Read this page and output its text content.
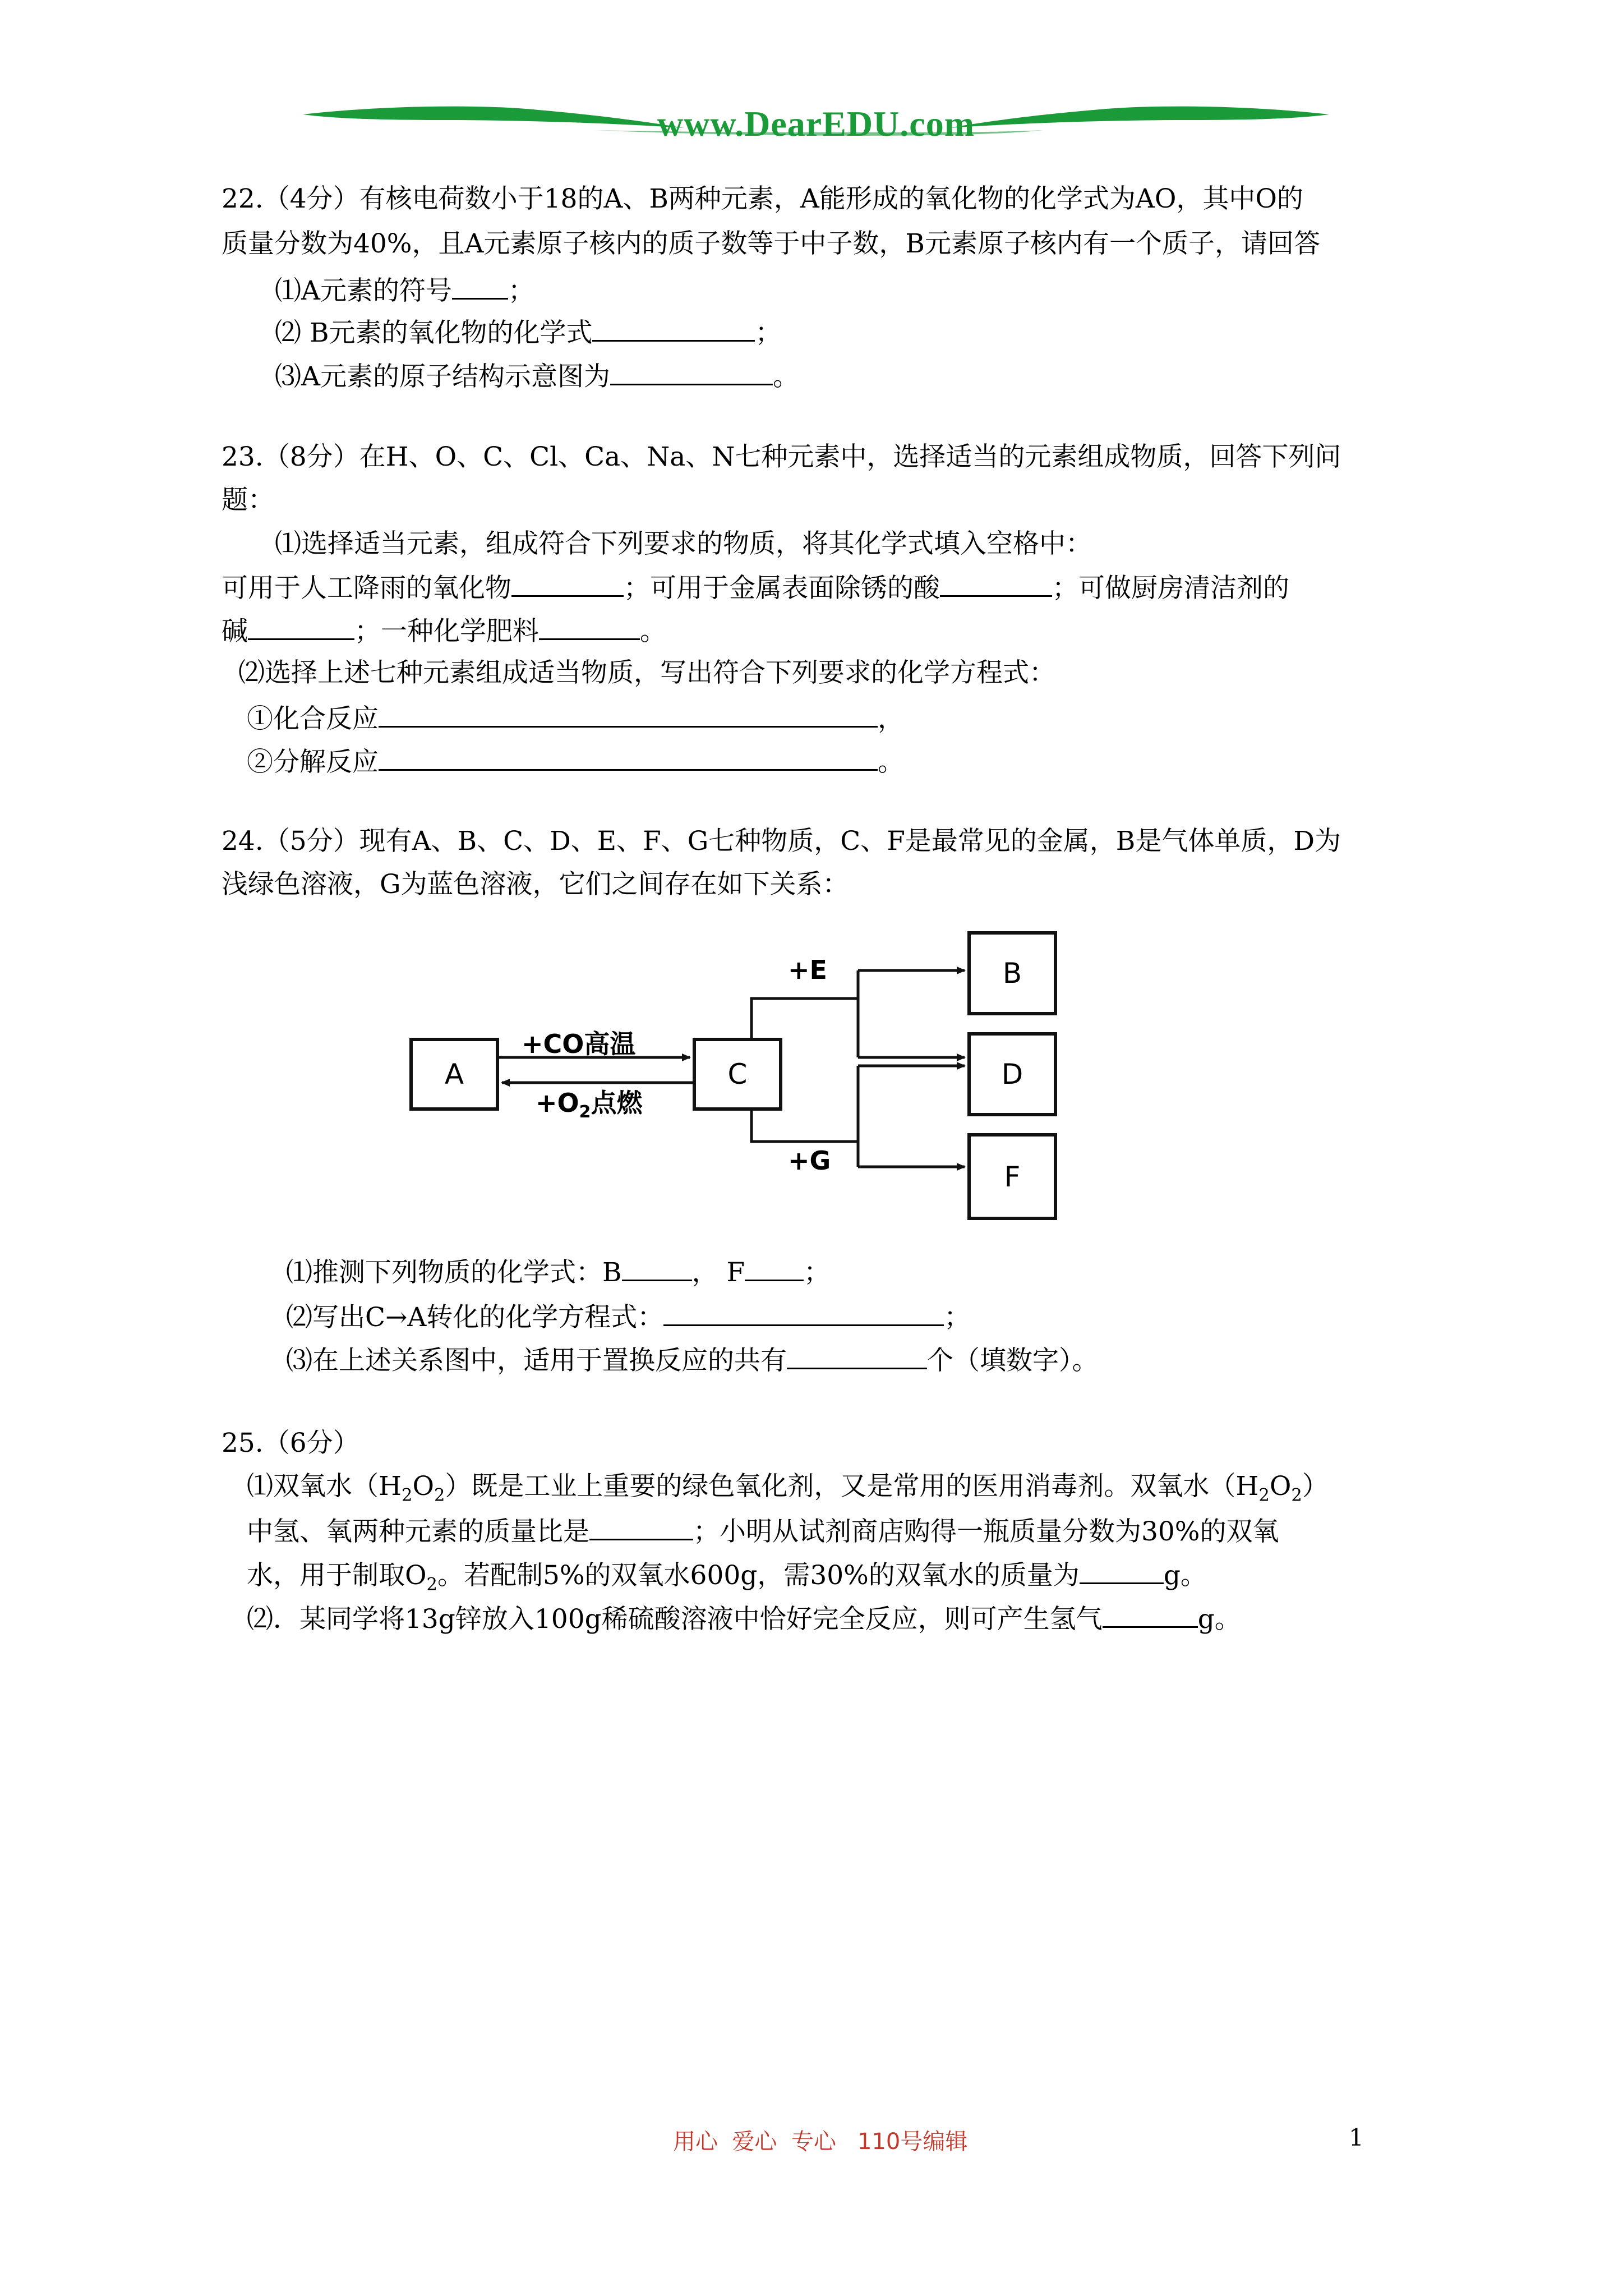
www.DearEDU.com
22.（4分）有核电荷数小于18的A、B两种元素，A能形成的氧化物的化学式为AO，其中O的
质量分数为40%，且A元素原子核内的质子数等于中子数，B元素原子核内有一个质子，请回答
⑴A元素的符号 ；
⑵ B元素的氧化物的化学式	；
⑶A元素的原子结构示意图为	。
23.（8分）在H、O、C、Cl、Ca、Na、N七种元素中，选择适当的元素组成物质，回答下列问
题：
⑴选择适当元素，组成符合下列要求的物质，将其化学式填入空格中：
可用于人工降雨的氧化物	；可用于金属表面除锈的酸	；可做厨房清洁剂的
碱	；一种化学肥料	。
⑵选择上述七种元素组成适当物质，写出符合下列要求的化学方程式：
①化合反应	，
②分解反应	。
24.（5分）现有A、B、C、D、E、F、G七种物质，C、F是最常见的金属，B是气体单质，D为
浅绿色溶液，G为蓝色溶液，它们之间存在如下关系：
A	C
B
D
F
+CO高温
$+O_2$点燃
+E
+G
⑴推测下列物质的化学式：B	， F ；
⑵写出C→A转化的化学方程式：	；
⑶在上述关系图中，适用于置换反应的共有	个（填数字）。
25.（6分）
⑴双氧水$(H_2O_2)$既是工业上重要的绿色氧化剂，又是常用的医用消毒剂。双氧水$(H_2O_2)$
中氢、氧两种元素的质量比是	；小明从试剂商店购得一瓶质量分数为30%的双氧
水，用于制取$O_2$。若配制5%的双氧水600g，需30%的双氧水的质量为	g。
⑵．某同学将13g锌放入100g稀硫酸溶液中恰好完全反应，则可产生氢气	g。
用心  爱心  专心   110号编辑	1
